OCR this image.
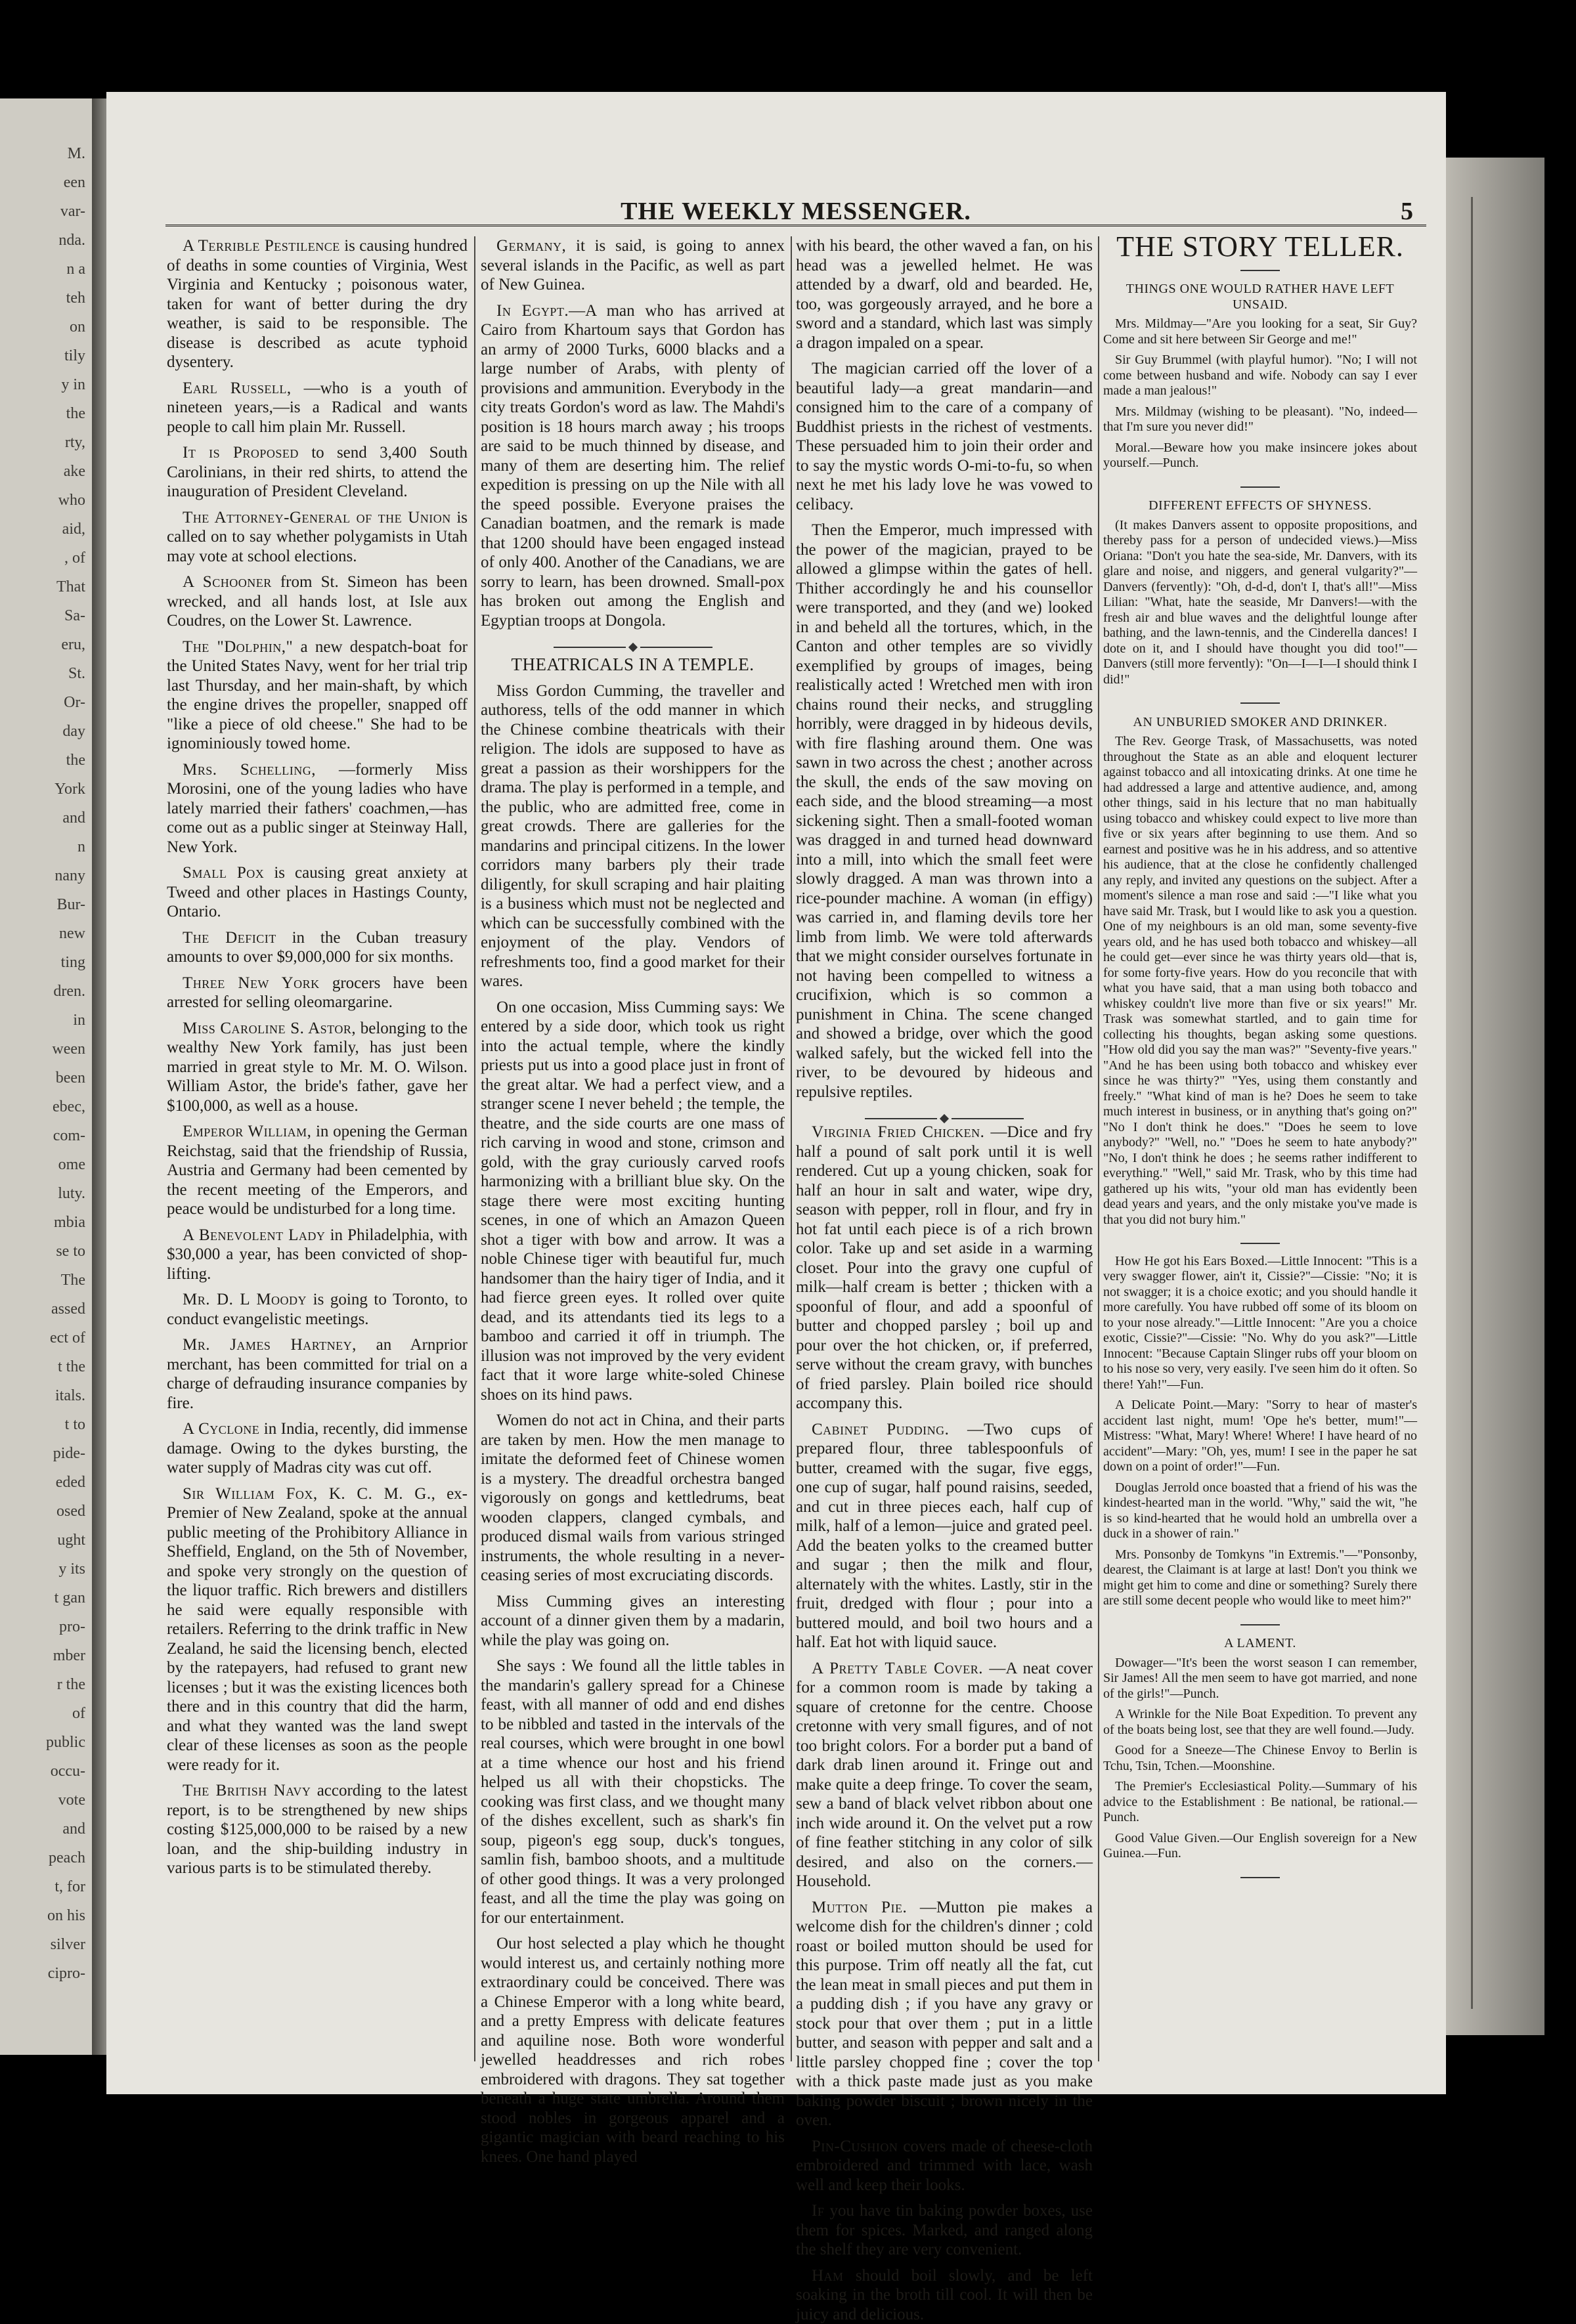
M.
een
var-
nda.
n a
teh
on
tily
y in
the
rty,
ake
who
aid,
, of
That
Sa-
eru,
St.
Or-
day
the
York
and
n
nany
Bur-
new
ting
dren.
in
ween
been
ebec,
com-
ome
luty.
mbia
se to
The
assed
ect of
t the
itals.
t to
pide-
eded
osed
ught
y its
t gan
pro-
mber
r the
of
public
occu-
vote
and
peach
t, for
on his
silver
cipro-
THE WEEKLY MESSENGER.	5

A Terrible Pestilence is causing hundred of deaths in some counties of Virginia, West Virginia and Kentucky ; poisonous water, taken for want of better during the dry weather, is said to be responsible. The disease is described as acute typhoid dysentery.

Earl Russell, —who is a youth of nineteen years,—is a Radical and wants people to call him plain Mr. Russell.

It is Proposed to send 3,400 South Carolinians, in their red shirts, to attend the inauguration of President Cleveland.

The Attorney-General of the Union is called on to say whether polygamists in Utah may vote at school elections.

A Schooner from St. Simeon has been wrecked, and all hands lost, at Isle aux Coudres, on the Lower St. Lawrence.

The "Dolphin," a new despatch-boat for the United States Navy, went for her trial trip last Thursday, and her main-shaft, by which the engine drives the propeller, snapped off "like a piece of old cheese." She had to be ignominiously towed home.

Mrs. Schelling, —formerly Miss Morosini, one of the young ladies who have lately married their fathers' coachmen,—has come out as a public singer at Steinway Hall, New York.

Small Pox is causing great anxiety at Tweed and other places in Hastings County, Ontario.

The Deficit in the Cuban treasury amounts to over $9,000,000 for six months.

Three New York grocers have been arrested for selling oleomargarine.

Miss Caroline S. Astor, belonging to the wealthy New York family, has just been married in great style to Mr. M. O. Wilson. William Astor, the bride's father, gave her $100,000, as well as a house.

Emperor William, in opening the German Reichstag, said that the friendship of Russia, Austria and Germany had been cemented by the recent meeting of the Emperors, and peace would be undisturbed for a long time.

A Benevolent Lady in Philadelphia, with $30,000 a year, has been convicted of shop-lifting.

Mr. D. L Moody is going to Toronto, to conduct evangelistic meetings.

Mr. James Hartney, an Arnprior merchant, has been committed for trial on a charge of defrauding insurance companies by fire.

A Cyclone in India, recently, did immense damage. Owing to the dykes bursting, the water supply of Madras city was cut off.

Sir William Fox, K. C. M. G., ex-Premier of New Zealand, spoke at the annual public meeting of the Prohibitory Alliance in Sheffield, England, on the 5th of November, and spoke very strongly on the question of the liquor traffic. Rich brewers and distillers he said were equally responsible with retailers. Referring to the drink traffic in New Zealand, he said the licensing bench, elected by the ratepayers, had refused to grant new licenses ; but it was the existing licences both there and in this country that did the harm, and what they wanted was the land swept clear of these licenses as soon as the people were ready for it.

The British Navy according to the latest report, is to be strengthened by new ships costing $125,000,000 to be raised by a new loan, and the ship-building industry in various parts is to be stimulated thereby.

Germany, it is said, is going to annex several islands in the Pacific, as well as part of New Guinea.

In Egypt.—A man who has arrived at Cairo from Khartoum says that Gordon has an army of 2000 Turks, 6000 blacks and a large number of Arabs, with plenty of provisions and ammunition. Everybody in the city treats Gordon's word as law. The Mahdi's position is 18 hours march away ; his troops are said to be much thinned by disease, and many of them are deserting him. The relief expedition is pressing on up the Nile with all the speed possible. Everyone praises the Canadian boatmen, and the remark is made that 1200 should have been engaged instead of only 400. Another of the Canadians, we are sorry to learn, has been drowned. Small-pox has broken out among the English and Egyptian troops at Dongola.

THEATRICALS IN A TEMPLE.

Miss Gordon Cumming, the traveller and authoress, tells of the odd manner in which the Chinese combine theatricals with their religion. The idols are supposed to have as great a passion as their worshippers for the drama. The play is performed in a temple, and the public, who are admitted free, come in great crowds. There are galleries for the mandarins and principal citizens. In the lower corridors many barbers ply their trade diligently, for skull scraping and hair plaiting is a business which must not be neglected and which can be successfully combined with the enjoyment of the play. Vendors of refreshments too, find a good market for their wares.

On one occasion, Miss Cumming says: We entered by a side door, which took us right into the actual temple, where the kindly priests put us into a good place just in front of the great altar. We had a perfect view, and a stranger scene I never beheld ; the temple, the theatre, and the side courts are one mass of rich carving in wood and stone, crimson and gold, with the gray curiously carved roofs harmonizing with a brilliant blue sky. On the stage there were most exciting hunting scenes, in one of which an Amazon Queen shot a tiger with bow and arrow. It was a noble Chinese tiger with beautiful fur, much handsomer than the hairy tiger of India, and it had fierce green eyes. It rolled over quite dead, and its attendants tied its legs to a bamboo and carried it off in triumph. The illusion was not improved by the very evident fact that it wore large white-soled Chinese shoes on its hind paws.

Women do not act in China, and their parts are taken by men. How the men manage to imitate the deformed feet of Chinese women is a mystery. The dreadful orchestra banged vigorously on gongs and kettledrums, beat wooden clappers, clanged cymbals, and produced dismal wails from various stringed instruments, the whole resulting in a never-ceasing series of most excruciating discords.

Miss Cumming gives an interesting account of a dinner given them by a madarin, while the play was going on.

She says : We found all the little tables in the mandarin's gallery spread for a Chinese feast, with all manner of odd and end dishes to be nibbled and tasted in the intervals of the real courses, which were brought in one bowl at a time whence our host and his friend helped us all with their chopsticks. The cooking was first class, and we thought many of the dishes excellent, such as shark's fin soup, pigeon's egg soup, duck's tongues, samlin fish, bamboo shoots, and a multitude of other good things. It was a very prolonged feast, and all the time the play was going on for our entertainment.

Our host selected a play which he thought would interest us, and certainly nothing more extraordinary could be conceived. There was a Chinese Emperor with a long white beard, and a pretty Empress with delicate features and aquiline nose. Both wore wonderful jewelled headdresses and rich robes embroidered with dragons. They sat together beneath a huge state umbrella. Around them stood nobles in gorgeous apparel and a gigantic magician with beard reaching to his knees. One hand played

with his beard, the other waved a fan, on his head was a jewelled helmet. He was attended by a dwarf, old and bearded. He, too, was gorgeously arrayed, and he bore a sword and a standard, which last was simply a dragon impaled on a spear.

The magician carried off the lover of a beautiful lady—a great mandarin—and consigned him to the care of a company of Buddhist priests in the richest of vestments. These persuaded him to join their order and to say the mystic words O-mi-to-fu, so when next he met his lady love he was vowed to celibacy.

Then the Emperor, much impressed with the power of the magician, prayed to be allowed a glimpse within the gates of hell. Thither accordingly he and his counsellor were transported, and they (and we) looked in and beheld all the tortures, which, in the Canton and other temples are so vividly exemplified by groups of images, being realistically acted ! Wretched men with iron chains round their necks, and struggling horribly, were dragged in by hideous devils, with fire flashing around them. One was sawn in two across the chest ; another across the skull, the ends of the saw moving on each side, and the blood streaming—a most sickening sight. Then a small-footed woman was dragged in and turned head downward into a mill, into which the small feet were slowly dragged. A man was thrown into a rice-pounder machine. A woman (in effigy) was carried in, and flaming devils tore her limb from limb. We were told afterwards that we might consider ourselves fortunate in not having been compelled to witness a crucifixion, which is so common a punishment in China. The scene changed and showed a bridge, over which the good walked safely, but the wicked fell into the river, to be devoured by hideous and repulsive reptiles.

Virginia Fried Chicken. —Dice and fry half a pound of salt pork until it is well rendered. Cut up a young chicken, soak for half an hour in salt and water, wipe dry, season with pepper, roll in flour, and fry in hot fat until each piece is of a rich brown color. Take up and set aside in a warming closet. Pour into the gravy one cupful of milk—half cream is better ; thicken with a spoonful of flour, and add a spoonful of butter and chopped parsley ; boil up and pour over the hot chicken, or, if preferred, serve without the cream gravy, with bunches of fried parsley. Plain boiled rice should accompany this.

Cabinet Pudding. —Two cups of prepared flour, three tablespoonfuls of butter, creamed with the sugar, five eggs, one cup of sugar, half pound raisins, seeded, and cut in three pieces each, half cup of milk, half of a lemon—juice and grated peel. Add the beaten yolks to the creamed butter and sugar ; then the milk and flour, alternately with the whites. Lastly, stir in the fruit, dredged with flour ; pour into a buttered mould, and boil two hours and a half. Eat hot with liquid sauce.

A Pretty Table Cover. —A neat cover for a common room is made by taking a square of cretonne for the centre. Choose cretonne with very small figures, and of not too bright colors. For a border put a band of dark drab linen around it. Fringe out and make quite a deep fringe. To cover the seam, sew a band of black velvet ribbon about one inch wide around it. On the velvet put a row of fine feather stitching in any color of silk desired, and also on the corners.—Household.

Mutton Pie. —Mutton pie makes a welcome dish for the children's dinner ; cold roast or boiled mutton should be used for this purpose. Trim off neatly all the fat, cut the lean meat in small pieces and put them in a pudding dish ; if you have any gravy or stock pour that over them ; put in a little butter, and season with pepper and salt and a little parsley chopped fine ; cover the top with a thick paste made just as you make baking powder biscuit ; brown nicely in the oven.

Pin-Cushion covers made of cheese-cloth embroidered and trimmed with lace, wash well and keep their looks.

If you have tin baking powder boxes, use them for spices. Marked, and ranged along the shelf they are very convenient.

Ham should boil slowly, and be left soaking in the broth till cool. It will then be juicy and delicious.

THE STORY TELLER.
THINGS ONE WOULD RATHER HAVE LEFT UNSAID.

Mrs. Mildmay—"Are you looking for a seat, Sir Guy? Come and sit here between Sir George and me!"

Sir Guy Brummel (with playful humor). "No; I will not come between husband and wife. Nobody can say I ever made a man jealous!"

Mrs. Mildmay (wishing to be pleasant). "No, indeed—that I'm sure you never did!"

Moral.—Beware how you make insincere jokes about yourself.—Punch.

DIFFERENT EFFECTS OF SHYNESS.

(It makes Danvers assent to opposite propositions, and thereby pass for a person of undecided views.)—Miss Oriana: "Don't you hate the sea-side, Mr. Danvers, with its glare and noise, and niggers, and general vulgarity?"—Danvers (fervently): "Oh, d-d-d, don't I, that's all!"—Miss Lilian: "What, hate the seaside, Mr Danvers!—with the fresh air and blue waves and the delightful lounge after bathing, and the lawn-tennis, and the Cinderella dances! I dote on it, and I should have thought you did too!"—Danvers (still more fervently): "On—I—I—I should think I did!"

AN UNBURIED SMOKER AND DRINKER.

The Rev. George Trask, of Massachusetts, was noted throughout the State as an able and eloquent lecturer against tobacco and all intoxicating drinks. At one time he had addressed a large and attentive audience, and, among other things, said in his lecture that no man habitually using tobacco and whiskey could expect to live more than five or six years after beginning to use them. And so earnest and positive was he in his address, and so attentive his audience, that at the close he confidently challenged any reply, and invited any questions on the subject. After a moment's silence a man rose and said :—"I like what you have said Mr. Trask, but I would like to ask you a question. One of my neighbours is an old man, some seventy-five years old, and he has used both tobacco and whiskey—all he could get—ever since he was thirty years old—that is, for some forty-five years. How do you reconcile that with what you have said, that a man using both tobacco and whiskey couldn't live more than five or six years!" Mr. Trask was somewhat startled, and to gain time for collecting his thoughts, began asking some questions. "How old did you say the man was?" "Seventy-five years." "And he has been using both tobacco and whiskey ever since he was thirty?" "Yes, using them constantly and freely." "What kind of man is he? Does he seem to take much interest in business, or in anything that's going on?" "No I don't think he does." "Does he seem to love anybody?" "Well, no." "Does he seem to hate anybody?" "No, I don't think he does ; he seems rather indifferent to everything." "Well," said Mr. Trask, who by this time had gathered up his wits, "your old man has evidently been dead years and years, and the only mistake you've made is that you did not bury him."

How He got his Ears Boxed.—Little Innocent: "This is a very swagger flower, ain't it, Cissie?"—Cissie: "No; it is not swagger; it is a choice exotic; and you should handle it more carefully. You have rubbed off some of its bloom on to your nose already."—Little Innocent: "Are you a choice exotic, Cissie?"—Cissie: "No. Why do you ask?"—Little Innocent: "Because Captain Slinger rubs off your bloom on to his nose so very, very easily. I've seen him do it often. So there! Yah!"—Fun.

A Delicate Point.—Mary: "Sorry to hear of master's accident last night, mum! 'Ope he's better, mum!"—Mistress: "What, Mary! Where! Where! I have heard of no accident"—Mary: "Oh, yes, mum! I see in the paper he sat down on a point of order!"—Fun.

Douglas Jerrold once boasted that a friend of his was the kindest-hearted man in the world. "Why," said the wit, "he is so kind-hearted that he would hold an umbrella over a duck in a shower of rain."

Mrs. Ponsonby de Tomkyns "in Extremis."—"Ponsonby, dearest, the Claimant is at large at last! Don't you think we might get him to come and dine or something? Surely there are still some decent people who would like to meet him?"

A LAMENT.

Dowager—"It's been the worst season I can remember, Sir James! All the men seem to have got married, and none of the girls!"—Punch.

A Wrinkle for the Nile Boat Expedition. To prevent any of the boats being lost, see that they are well found.—Judy.

Good for a Sneeze—The Chinese Envoy to Berlin is Tchu, Tsin, Tchen.—Moonshine.

The Premier's Ecclesiastical Polity.—Summary of his advice to the Establishment : Be national, be rational.—Punch.

Good Value Given.—Our English sovereign for a New Guinea.—Fun.
